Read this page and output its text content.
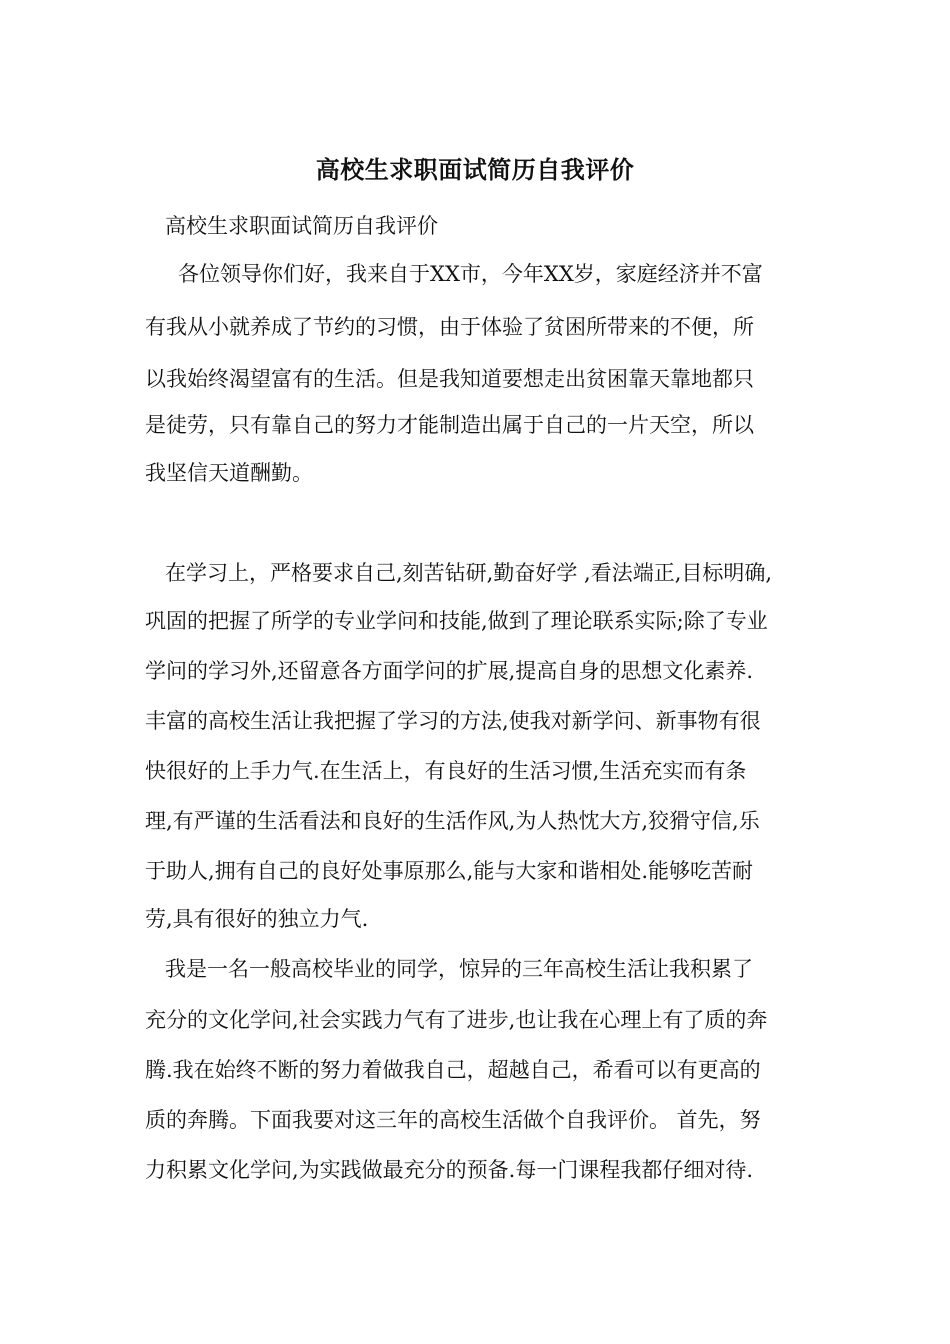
高校生求职面试简历自我评价
高校生求职面试简历自我评价
各位领导你们好，我来自于XX市，今年XX岁，家庭经济并不富
有我从小就养成了节约的习惯，由于体验了贫困所带来的不便，所
以我始终渴望富有的生活。但是我知道要想走出贫困靠天靠地都只
是徒劳，只有靠自己的努力才能制造出属于自己的一片天空，所以
我坚信天道酬勤。
在学习上，严格要求自己,刻苦钻研,勤奋好学 ,看法端正,目标明确,
巩固的把握了所学的专业学问和技能,做到了理论联系实际;除了专业
学问的学习外,还留意各方面学问的扩展,提高自身的思想文化素养.
丰富的高校生活让我把握了学习的方法,使我对新学问、新事物有很
快很好的上手力气.在生活上，有良好的生活习惯,生活充实而有条
理,有严谨的生活看法和良好的生活作风,为人热忱大方,狡猾守信,乐
于助人,拥有自己的良好处事原那么,能与大家和谐相处.能够吃苦耐
劳,具有很好的独立力气.
我是一名一般高校毕业的同学，惊异的三年高校生活让我积累了
充分的文化学问,社会实践力气有了进步,也让我在心理上有了质的奔
腾.我在始终不断的努力着做我自己，超越自己，希看可以有更高的
质的奔腾。下面我要对这三年的高校生活做个自我评价。 首先，努
力积累文化学问,为实践做最充分的预备.每一门课程我都仔细对待.
